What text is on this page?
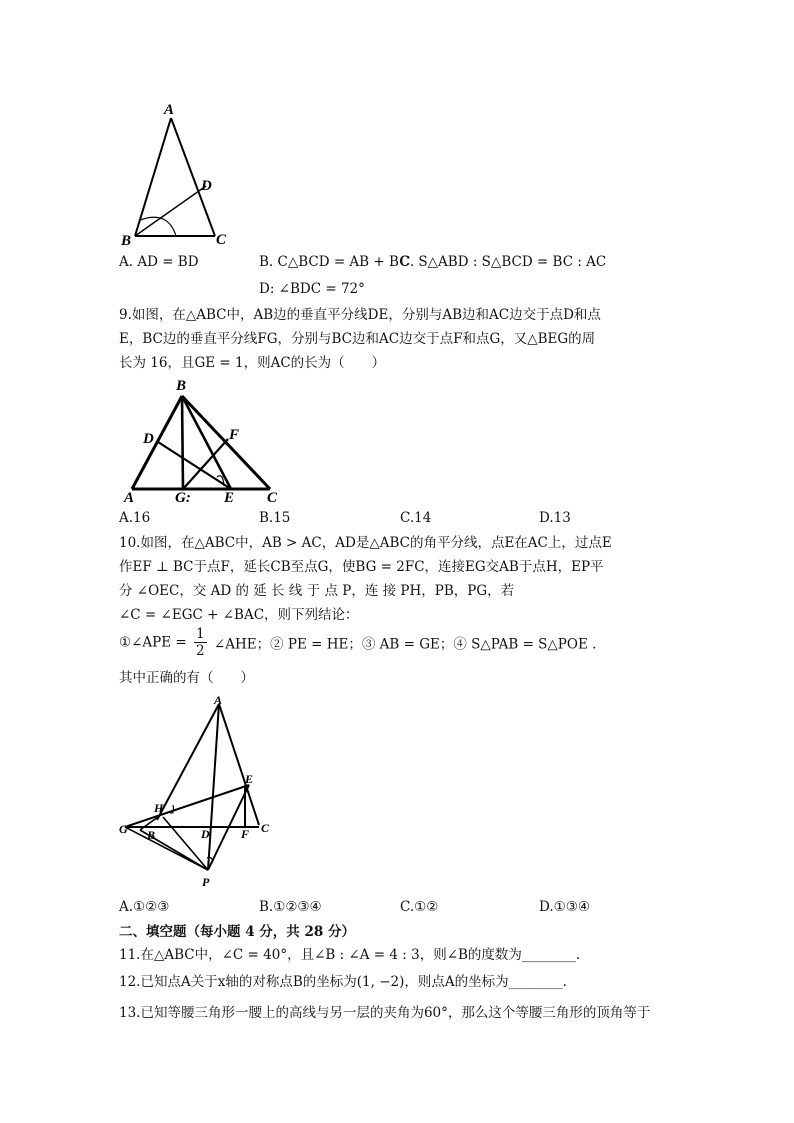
A
D
B	C
A. AD = BD	B. C△BCD = AB + BC
C. S△ABD : S△BCD = BC : AC
D: ∠BDC = 72°
9.如图，在△ABC中，AB边的垂直平分线DE，分别与AB边和AC边交于点D和点
E，BC边的垂直平分线FG，分别与BC边和AC边交于点F和点G，又△BEG的周
长为 16，且GE = 1，则AC的长为（　　）
B
D	F
A	G: E C
A.16	B.15	C.14	D.13
10.如图，在△ABC中，AB > AC，AD是△ABC的角平分线，点E在AC上，过点E
作EF ⊥ BC于点F，延长CB至点G，使BG = 2FC，连接EG交AB于点H，EP平
分 ∠OEC，交 AD 的 延 长 线 于 点 P，连 接 PH，PB，PG，若
∠C = ∠EGC + ∠BAC，则下列结论：
①∠APE = $\frac{1}{2}$ ∠AHE；② PE = HE；③ AB = GE；④ S△PAB = S△POE .
其中正确的有（　　）
A
E
H
G B	D	F C
P
A.①②③	B.①②③④	C.①②	D.①③④
二、填空题（每小题 4 分，共 28 分）
11.在△ABC中，∠C = 40°，且∠B : ∠A = 4 : 3，则∠B的度数为________.
12.已知点A关于x轴的对称点B的坐标为(1, −2)，则点A的坐标为________.
13.已知等腰三角形一腰上的高线与另一层的夹角为60°，那么这个等腰三角形的顶角等于
